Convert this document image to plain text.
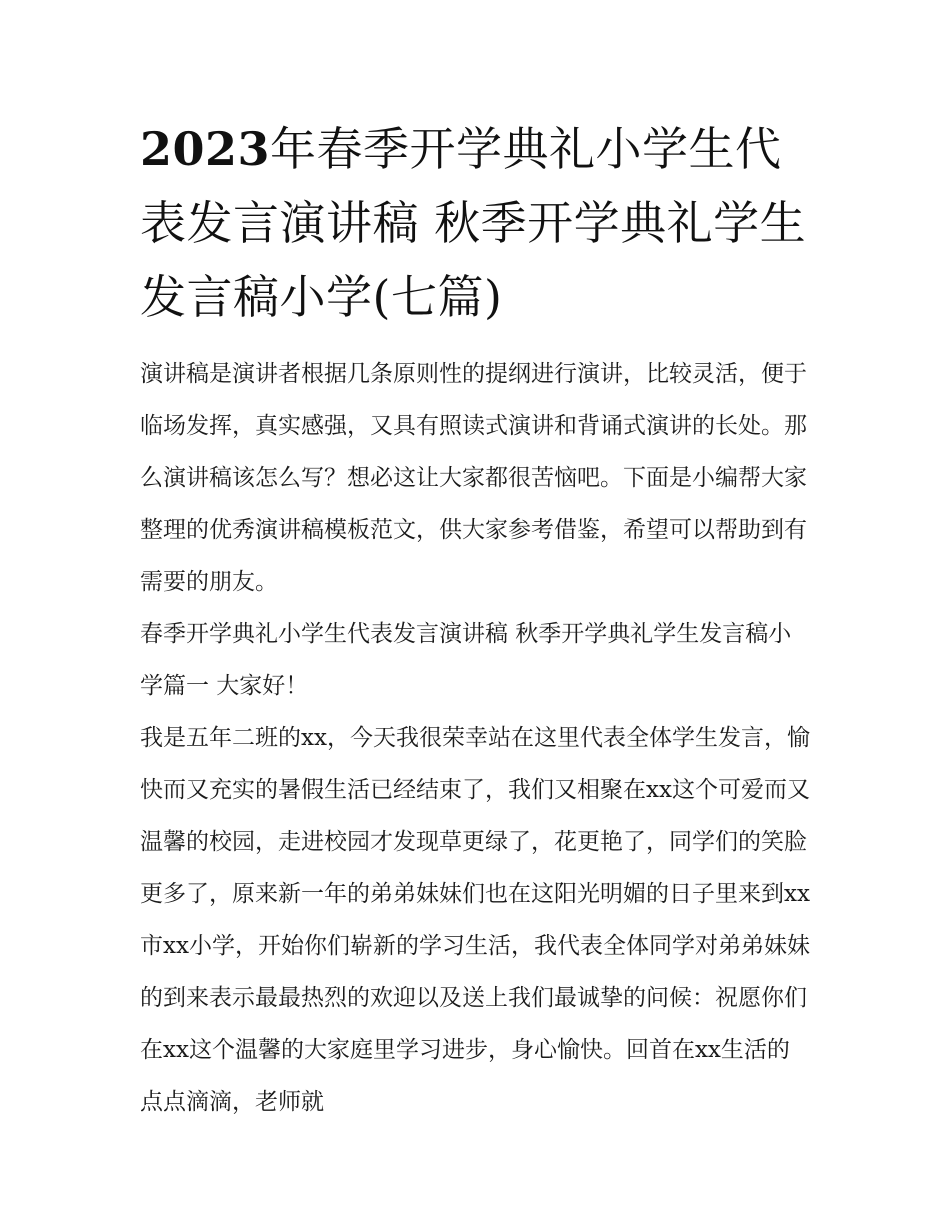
2023年春季开学典礼小学生代表发言演讲稿 秋季开学典礼学生发言稿小学(七篇)

演讲稿是演讲者根据几条原则性的提纲进行演讲，比较灵活，便于临场发挥，真实感强，又具有照读式演讲和背诵式演讲的长处。那么演讲稿该怎么写？想必这让大家都很苦恼吧。下面是小编帮大家整理的优秀演讲稿模板范文，供大家参考借鉴，希望可以帮助到有需要的朋友。

春季开学典礼小学生代表发言演讲稿 秋季开学典礼学生发言稿小学篇一 大家好！

我是五年二班的xx，今天我很荣幸站在这里代表全体学生发言，愉快而又充实的暑假生活已经结束了，我们又相聚在xx这个可爱而又温馨的校园，走进校园才发现草更绿了，花更艳了，同学们的笑脸更多了，原来新一年的弟弟妹妹们也在这阳光明媚的日子里来到xx市xx小学，开始你们崭新的学习生活，我代表全体同学对弟弟妹妹的到来表示最最热烈的欢迎以及送上我们最诚挚的问候：祝愿你们在xx这个温馨的大家庭里学习进步，身心愉快。回首在xx生活的点点滴滴，老师就
